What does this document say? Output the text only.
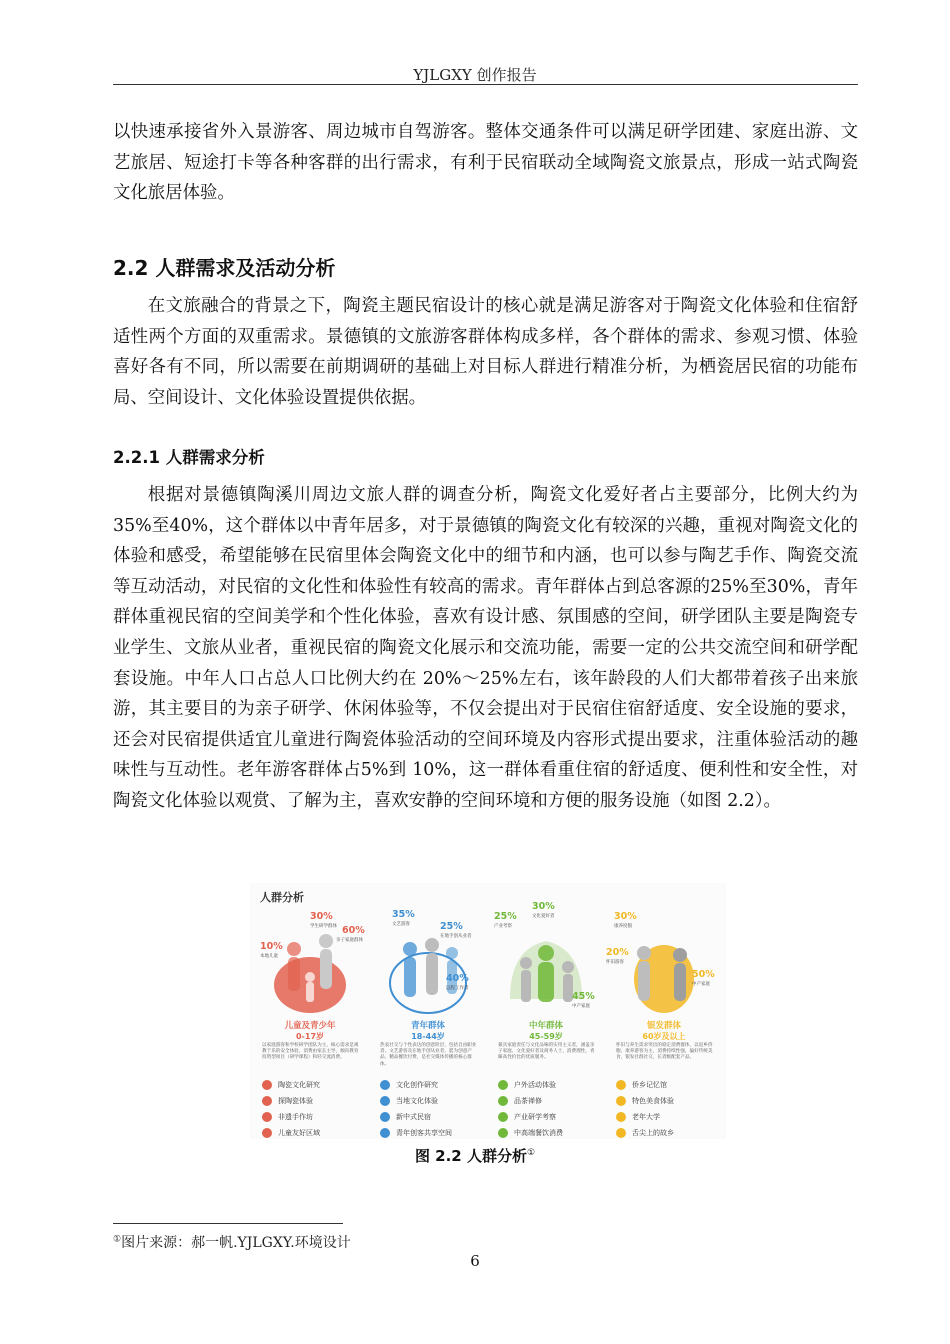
YJLGXY 创作报告

以快速承接省外入景游客、周边城市自驾游客。整体交通条件可以满足研学团建、家庭出游、文艺旅居、短途打卡等各种客群的出行需求，有利于民宿联动全域陶瓷文旅景点，形成一站式陶瓷文化旅居体验。

2.2 人群需求及活动分析

在文旅融合的背景之下，陶瓷主题民宿设计的核心就是满足游客对于陶瓷文化体验和住宿舒适性两个方面的双重需求。景德镇的文旅游客群体构成多样，各个群体的需求、参观习惯、体验喜好各有不同，所以需要在前期调研的基础上对目标人群进行精准分析，为栖瓷居民宿的功能布局、空间设计、文化体验设置提供依据。

2.2.1 人群需求分析

根据对景德镇陶溪川周边文旅人群的调查分析，陶瓷文化爱好者占主要部分，比例大约为35%至40%，这个群体以中青年居多，对于景德镇的陶瓷文化有较深的兴趣，重视对陶瓷文化的体验和感受，希望能够在民宿里体会陶瓷文化中的细节和内涵，也可以参与陶艺手作、陶瓷交流等互动活动，对民宿的文化性和体验性有较高的需求。青年群体占到总客源的25%至30%，青年群体重视民宿的空间美学和个性化体验，喜欢有设计感、氛围感的空间，研学团队主要是陶瓷专业学生、文旅从业者，重视民宿的陶瓷文化展示和交流功能，需要一定的公共交流空间和研学配套设施。中年人口占总人口比例大约在 20%～25%左右，该年龄段的人们大都带着孩子出来旅游，其主要目的为亲子研学、休闲体验等，不仅会提出对于民宿住宿舒适度、安全设施的要求，还会对民宿提供适宜儿童进行陶瓷体验活动的空间环境及内容形式提出要求，注重体验活动的趣味性与互动性。老年游客群体占5%到 10%，这一群体看重住宿的舒适度、便利性和安全性，对陶瓷文化体验以观赏、了解为主，喜欢安静的空间环境和方便的服务设施（如图 2.2）。

人群分析
10%
本地儿童
30%
学生研学群体 60%
亲子家庭群体
儿童及青少年
0-17岁
以家庭游客和学校研学团队为主，核心需求是寓教于乐的安全体验，消费由家长主导，倾向教育投资型项目（研学课程）和轻交流消费。
陶瓷文化研究
探陶瓷体验
非遗手作坊
儿童友好区域
35%
文艺游客	25%
在地手创从业者
40%
远程工作者
青年群体
18-44岁
热衷社交与个性表达的创意阶层，包括自由职业者、文艺游客及在地手创从业者，愿为创意产品、精品餐饮付费，是社交媒体传播的核心群体。
文化创作研究
当地文化体验
新中式民宿
青年创客共享空间
25%
产业考察
30%
文化爱好者
45%
中产家庭
中年群体
45-59岁
兼具家庭责任与文化品味的实用主义者，涵盖亲子家庭、文化爱好者及商务人士，消费理性，青睐高性价比的优质服务。
户外活动体验
品茶禅修
产业研学考察
中高端餐饮消费
30%
康养度假
20%
怀旧游客
50%
中产家庭
银发群体
60岁及以上
怀旧与养生需求突出的稳定消费群体，以返乡侨胞、康养游客为主，消费持续性强，偏好传统美食，银发社群社交，长者级配套产品。
侨乡记忆馆
特色美食体验
老年大学
舌尖上的故乡
图 2.2 人群分析①
①图片来源：郝一帆.YJLGXY.环境设计
6
